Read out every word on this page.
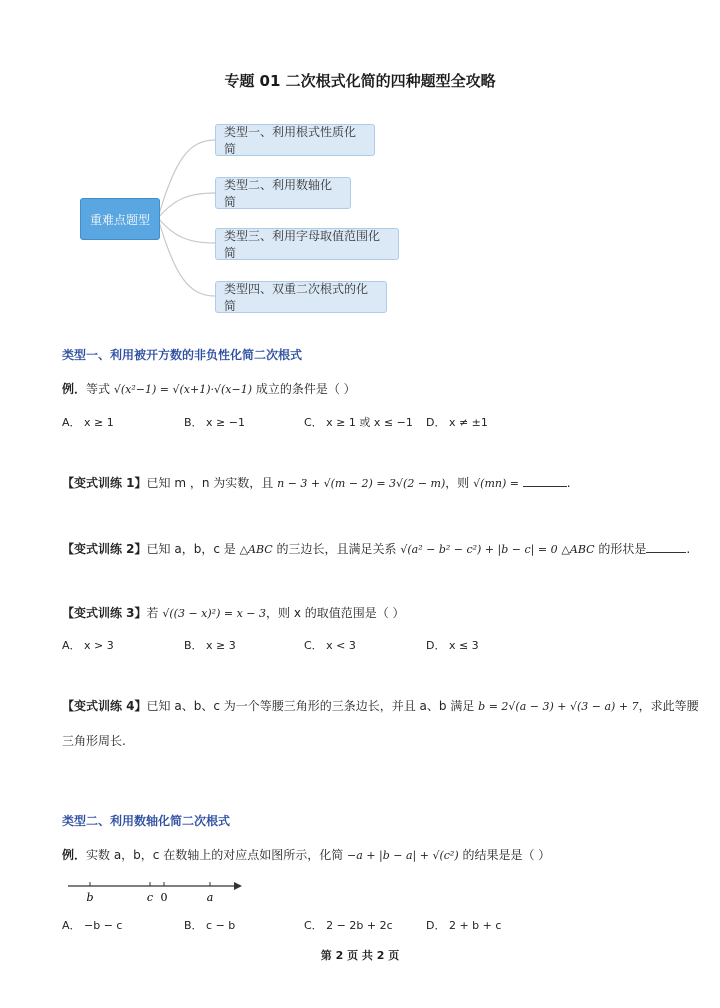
专题 01 二次根式化简的四种题型全攻略
重难点题型
类型一、利用根式性质化简
类型二、利用数轴化简
类型三、利用字母取值范围化简
类型四、双重二次根式的化简
类型一、利用被开方数的非负性化简二次根式
例．等式 √(x²−1) = √(x+1)·√(x−1) 成立的条件是（ ）
A． x ≥ 1	B． x ≥ −1	C． x ≥ 1 或 x ≤ −1 D． x ≠ ±1
【变式训练 1】已知 m ，n 为实数，且 n − 3 + √(m − 2) = 3√(2 − m)，则 √(mn) =	.
【变式训练 2】已知 a，b，c 是 △ABC 的三边长，且满足关系 √(a² − b² − c²) + |b − c| = 0 △ABC 的形状是	.
【变式训练 3】若 √((3 − x)²) = x − 3，则 x 的取值范围是（ ）
A． x > 3	B． x ≥ 3	C． x < 3	D． x ≤ 3
【变式训练 4】已知 a、b、c 为一个等腰三角形的三条边长，并且 a、b 满足 b = 2√(a − 3) + √(3 − a) + 7，求此等腰
三角形周长.
类型二、利用数轴化简二次根式
例．实数 a，b，c 在数轴上的对应点如图所示，化简 −a + |b − a| + √(c²) 的结果是是（ ）
b	c 0	a
A． −b − c	B． c − b	C． 2 − 2b + 2c	D． 2 + b + c
第 2 页 共 2 页
